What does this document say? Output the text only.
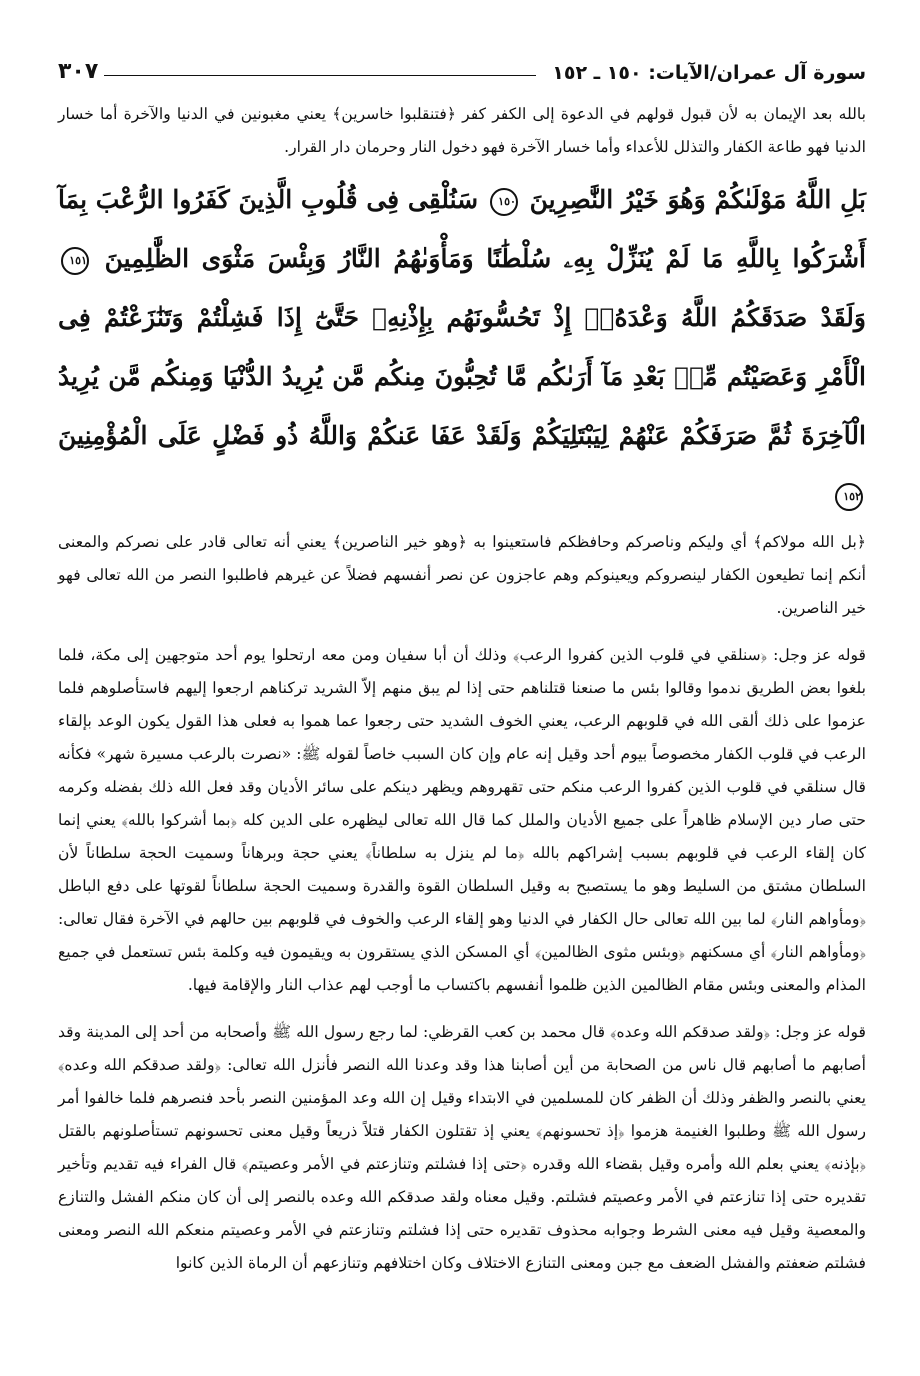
سورة آل عمران/الآيات: ١٥٠ ـ ١٥٢
٣٠٧

بالله بعد الإيمان به لأن قبول قولهم في الدعوة إلى الكفر كفر ﴿فتنقلبوا خاسرين﴾ يعني مغبونين في الدنيا والآخرة أما خسار الدنيا فهو طاعة الكفار والتذلل للأعداء وأما خسار الآخرة فهو دخول النار وحرمان دار القرار.

بَلِ اللَّهُ مَوْلَىٰكُمْ وَهُوَ خَيْرُ النَّٰصِرِينَ ١٥٠ سَنُلْقِى فِى قُلُوبِ الَّذِينَ كَفَرُوا الرُّعْبَ بِمَآ أَشْرَكُوا بِاللَّهِ مَا لَمْ يُنَزِّلْ بِهِۦ سُلْطَٰنًا وَمَأْوَىٰهُمُ النَّارُ وَبِئْسَ مَثْوَى الظَّٰلِمِينَ ١٥١ وَلَقَدْ صَدَقَكُمُ اللَّهُ وَعْدَهُۥٓ إِذْ تَحُسُّونَهُم بِإِذْنِهِۦ حَتَّىٰٓ إِذَا فَشِلْتُمْ وَتَنَٰزَعْتُمْ فِى الْأَمْرِ وَعَصَيْتُم مِّنۢ بَعْدِ مَآ أَرَىٰكُم مَّا تُحِبُّونَ مِنكُم مَّن يُرِيدُ الدُّنْيَا وَمِنكُم مَّن يُرِيدُ الْآخِرَةَ ثُمَّ صَرَفَكُمْ عَنْهُمْ لِيَبْتَلِيَكُمْ وَلَقَدْ عَفَا عَنكُمْ وَاللَّهُ ذُو فَضْلٍ عَلَى الْمُؤْمِنِينَ ١٥٢

﴿بل الله مولاكم﴾ أي وليكم وناصركم وحافظكم فاستعينوا به ﴿وهو خير الناصرين﴾ يعني أنه تعالى قادر على نصركم والمعنى أنكم إنما تطيعون الكفار لينصروكم ويعينوكم وهم عاجزون عن نصر أنفسهم فضلاً عن غيرهم فاطلبوا النصر من الله تعالى فهو خير الناصرين.

قوله عز وجل: ﴿سنلقي في قلوب الذين كفروا الرعب﴾ وذلك أن أبا سفيان ومن معه ارتحلوا يوم أحد متوجهين إلى مكة، فلما بلغوا بعض الطريق ندموا وقالوا بئس ما صنعنا قتلناهم حتى إذا لم يبق منهم إلاّ الشريد تركناهم ارجعوا إليهم فاستأصلوهم فلما عزموا على ذلك ألقى الله في قلوبهم الرعب، يعني الخوف الشديد حتى رجعوا عما هموا به فعلى هذا القول يكون الوعد بإلقاء الرعب في قلوب الكفار مخصوصاً بيوم أحد وقيل إنه عام وإن كان السبب خاصاً لقوله ﷺ: «نصرت بالرعب مسيرة شهر» فكأنه قال سنلقي في قلوب الذين كفروا الرعب منكم حتى تقهروهم ويظهر دينكم على سائر الأديان وقد فعل الله ذلك بفضله وكرمه حتى صار دين الإسلام ظاهراً على جميع الأديان والملل كما قال الله تعالى ليظهره على الدين كله ﴿بما أشركوا بالله﴾ يعني إنما كان إلقاء الرعب في قلوبهم بسبب إشراكهم بالله ﴿ما لم ينزل به سلطاناً﴾ يعني حجة وبرهاناً وسميت الحجة سلطاناً لأن السلطان مشتق من السليط وهو ما يستصبح به وقيل السلطان القوة والقدرة وسميت الحجة سلطاناً لقوتها على دفع الباطل ﴿ومأواهم النار﴾ لما بين الله تعالى حال الكفار في الدنيا وهو إلقاء الرعب والخوف في قلوبهم بين حالهم في الآخرة فقال تعالى: ﴿ومأواهم النار﴾ أي مسكنهم ﴿وبئس مثوى الظالمين﴾ أي المسكن الذي يستقرون به ويقيمون فيه وكلمة بئس تستعمل في جميع المذام والمعنى وبئس مقام الظالمين الذين ظلموا أنفسهم باكتساب ما أوجب لهم عذاب النار والإقامة فيها.

قوله عز وجل: ﴿ولقد صدقكم الله وعده﴾ قال محمد بن كعب القرظي: لما رجع رسول الله ﷺ وأصحابه من أحد إلى المدينة وقد أصابهم ما أصابهم قال ناس من الصحابة من أين أصابنا هذا وقد وعدنا الله النصر فأنزل الله تعالى: ﴿ولقد صدقكم الله وعده﴾ يعني بالنصر والظفر وذلك أن الظفر كان للمسلمين في الابتداء وقيل إن الله وعد المؤمنين النصر بأحد فنصرهم فلما خالفوا أمر رسول الله ﷺ وطلبوا الغنيمة هزموا ﴿إذ تحسونهم﴾ يعني إذ تقتلون الكفار قتلاً ذريعاً وقيل معنى تحسونهم تستأصلونهم بالقتل ﴿بإذنه﴾ يعني بعلم الله وأمره وقيل بقضاء الله وقدره ﴿حتى إذا فشلتم وتنازعتم في الأمر وعصيتم﴾ قال الفراء فيه تقديم وتأخير تقديره حتى إذا تنازعتم في الأمر وعصيتم فشلتم. وقيل معناه ولقد صدقكم الله وعده بالنصر إلى أن كان منكم الفشل والتنازع والمعصية وقيل فيه معنى الشرط وجوابه محذوف تقديره حتى إذا فشلتم وتنازعتم في الأمر وعصيتم منعكم الله النصر ومعنى فشلتم ضعفتم والفشل الضعف مع جبن ومعنى التنازع الاختلاف وكان اختلافهم وتنازعهم أن الرماة الذين كانوا
